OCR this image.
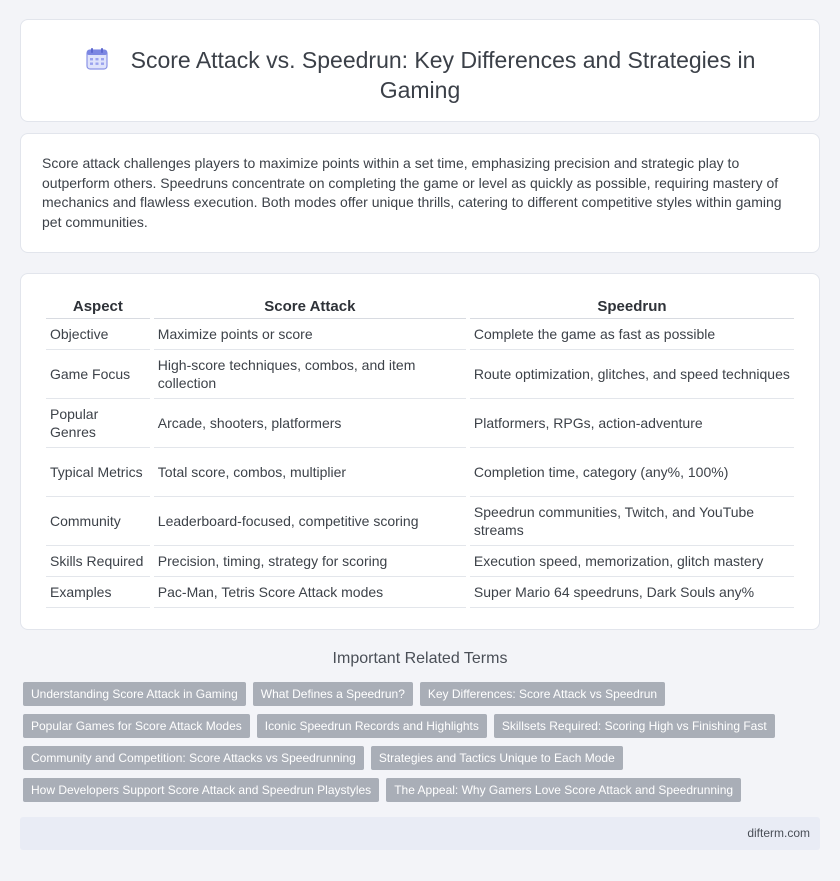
Score Attack vs. Speedrun: Key Differences and Strategies in Gaming

Score attack challenges players to maximize points within a set time, emphasizing precision and strategic play to outperform others. Speedruns concentrate on completing the game or level as quickly as possible, requiring mastery of mechanics and flawless execution. Both modes offer unique thrills, catering to different competitive styles within gaming pet communities.

Aspect	Score Attack	Speedrun
Objective	Maximize points or score	Complete the game as fast as possible
Game Focus	High-score techniques, combos, and item collection	Route optimization, glitches, and speed techniques
Popular Genres	Arcade, shooters, platformers	Platformers, RPGs, action-adventure
Typical Metrics	Total score, combos, multiplier	Completion time, category (any%, 100%)
Community	Leaderboard-focused, competitive scoring	Speedrun communities, Twitch, and YouTube streams
Skills Required	Precision, timing, strategy for scoring	Execution speed, memorization, glitch mastery
Examples	Pac-Man, Tetris Score Attack modes	Super Mario 64 speedruns, Dark Souls any%
Important Related Terms
Understanding Score Attack in Gaming	What Defines a Speedrun?	Key Differences: Score Attack vs Speedrun
Popular Games for Score Attack Modes	Iconic Speedrun Records and Highlights	Skillsets Required: Scoring High vs Finishing Fast
Community and Competition: Score Attacks vs Speedrunning	Strategies and Tactics Unique to Each Mode
How Developers Support Score Attack and Speedrun Playstyles	The Appeal: Why Gamers Love Score Attack and Speedrunning
difterm.com
